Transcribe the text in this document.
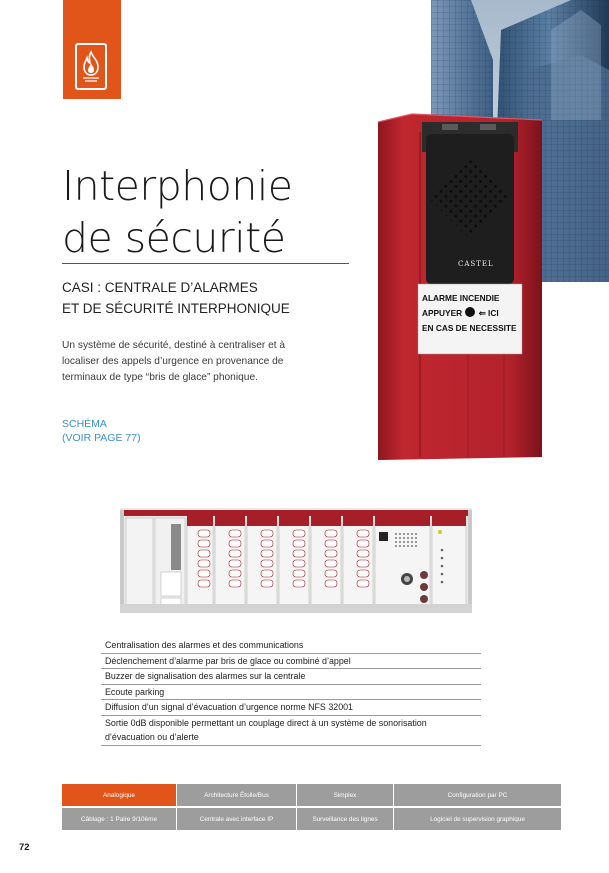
Interphonie
de sécurité
CASI : CENTRALE D’ALARMES
ET DE SÉCURITÉ INTERPHONIQUE
Un système de sécurité, destiné à centraliser et à
localiser des appels d’urgence en provenance de
terminaux de type “bris de glace” phonique.
SCHÉMA
(VOIR PAGE 77)
CASTEL
ALARME INCENDIE
APPUYER ⇐ ICI
EN CAS DE NECESSITE
Centralisation des alarmes et des communications
Déclenchement d’alarme par bris de glace ou combiné d’appel
Buzzer de signalisation des alarmes sur la centrale
Ecoute parking
Diffusion d’un signal d’évacuation d’urgence norme NFS 32001
Sortie 0dB disponible permettant un couplage direct à un système de sonorisation
d’évacuation ou d’alerte
Analogique	Architecture Étoile/Bus	Simplex	Configuration par PC
Câblage : 1 Paire 9/10ème	Centrale avec interface IP	Surveillance des lignes	Logiciel de supervision graphique
72
